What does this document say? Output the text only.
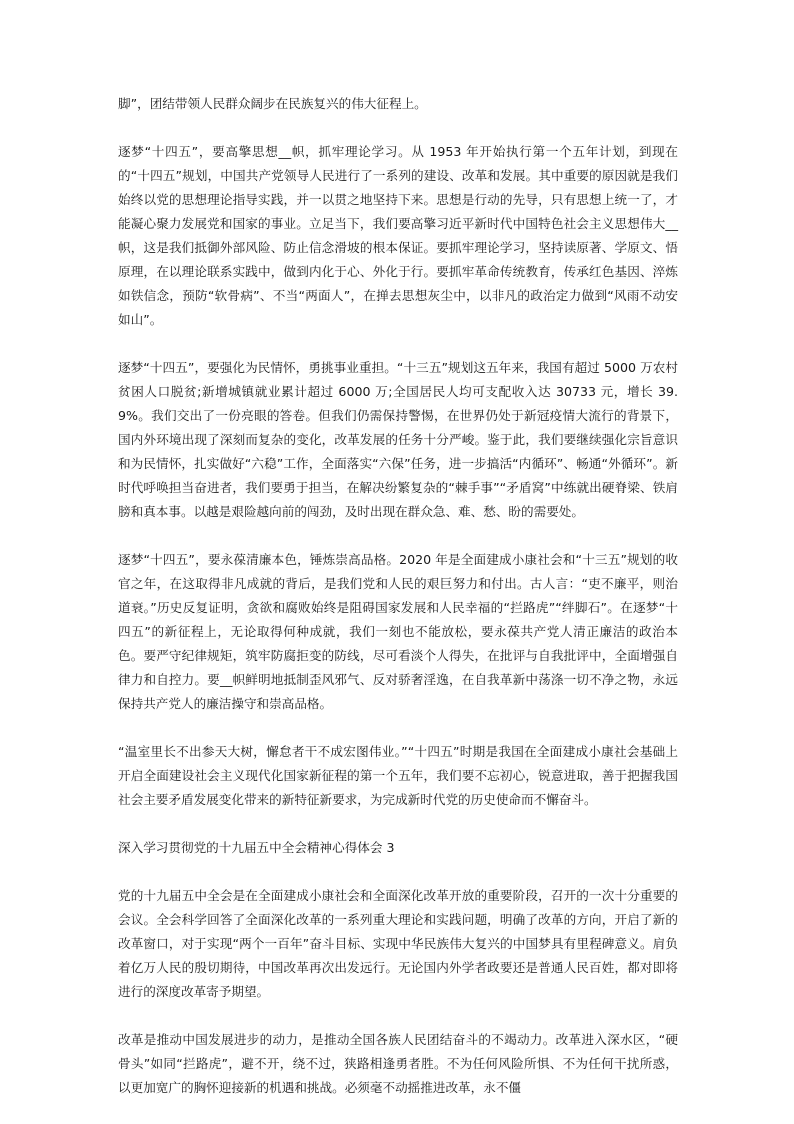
脚”，团结带领人民群众阔步在民族复兴的伟大征程上。

逐梦“十四五”，要高擎思想__帜，抓牢理论学习。从 1953 年开始执行第一个五年计划，到现在的“十四五”规划，中国共产党领导人民进行了一系列的建设、改革和发展。其中重要的原因就是我们始终以党的思想理论指导实践，并一以贯之地坚持下来。思想是行动的先导，只有思想上统一了，才能凝心聚力发展党和国家的事业。立足当下，我们要高擎习近平新时代中国特色社会主义思想伟大__帜，这是我们抵御外部风险、防止信念滑坡的根本保证。要抓牢理论学习，坚持读原著、学原文、悟原理，在以理论联系实践中，做到内化于心、外化于行。要抓牢革命传统教育，传承红色基因、淬炼如铁信念，预防“软骨病”、不当“两面人”，在掸去思想灰尘中，以非凡的政治定力做到“风雨不动安如山”。

逐梦“十四五”，要强化为民情怀，勇挑事业重担。“十三五”规划这五年来，我国有超过 5000 万农村贫困人口脱贫;新增城镇就业累计超过 6000 万;全国居民人均可支配收入达 30733 元，增长 39.9%。我们交出了一份亮眼的答卷。但我们仍需保持警惕，在世界仍处于新冠疫情大流行的背景下，国内外环境出现了深刻而复杂的变化，改革发展的任务十分严峻。鉴于此，我们要继续强化宗旨意识和为民情怀，扎实做好“六稳”工作，全面落实“六保”任务，进一步搞活“内循环”、畅通“外循环”。新时代呼唤担当奋进者，我们要勇于担当，在解决纷繁复杂的“棘手事”“矛盾窝”中练就出硬脊梁、铁肩膀和真本事。以越是艰险越向前的闯劲，及时出现在群众急、难、愁、盼的需要处。

逐梦“十四五”，要永葆清廉本色，锤炼崇高品格。2020 年是全面建成小康社会和“十三五”规划的收官之年，在这取得非凡成就的背后，是我们党和人民的艰巨努力和付出。古人言：“吏不廉平，则治道衰。”历史反复证明，贪欲和腐败始终是阻碍国家发展和人民幸福的“拦路虎”“绊脚石”。在逐梦“十四五”的新征程上，无论取得何种成就，我们一刻也不能放松，要永葆共产党人清正廉洁的政治本色。要严守纪律规矩，筑牢防腐拒变的防线，尽可看淡个人得失，在批评与自我批评中，全面增强自律力和自控力。要__帜鲜明地抵制歪风邪气、反对骄奢淫逸，在自我革新中荡涤一切不净之物，永远保持共产党人的廉洁操守和崇高品格。

“温室里长不出参天大树，懈怠者干不成宏图伟业。”“十四五”时期是我国在全面建成小康社会基础上开启全面建设社会主义现代化国家新征程的第一个五年，我们要不忘初心，锐意进取，善于把握我国社会主要矛盾发展变化带来的新特征新要求，为完成新时代党的历史使命而不懈奋斗。

深入学习贯彻党的十九届五中全会精神心得体会 3

党的十九届五中全会是在全面建成小康社会和全面深化改革开放的重要阶段，召开的一次十分重要的会议。全会科学回答了全面深化改革的一系列重大理论和实践问题，明确了改革的方向，开启了新的改革窗口，对于实现“两个一百年”奋斗目标、实现中华民族伟大复兴的中国梦具有里程碑意义。肩负着亿万人民的殷切期待，中国改革再次出发远行。无论国内外学者政要还是普通人民百姓，都对即将进行的深度改革寄予期望。

改革是推动中国发展进步的动力，是推动全国各族人民团结奋斗的不竭动力。改革进入深水区，“硬骨头”如同“拦路虎”，避不开，绕不过，狭路相逢勇者胜。不为任何风险所惧、不为任何干扰所惑，以更加宽广的胸怀迎接新的机遇和挑战。必须毫不动摇推进改革，永不僵
